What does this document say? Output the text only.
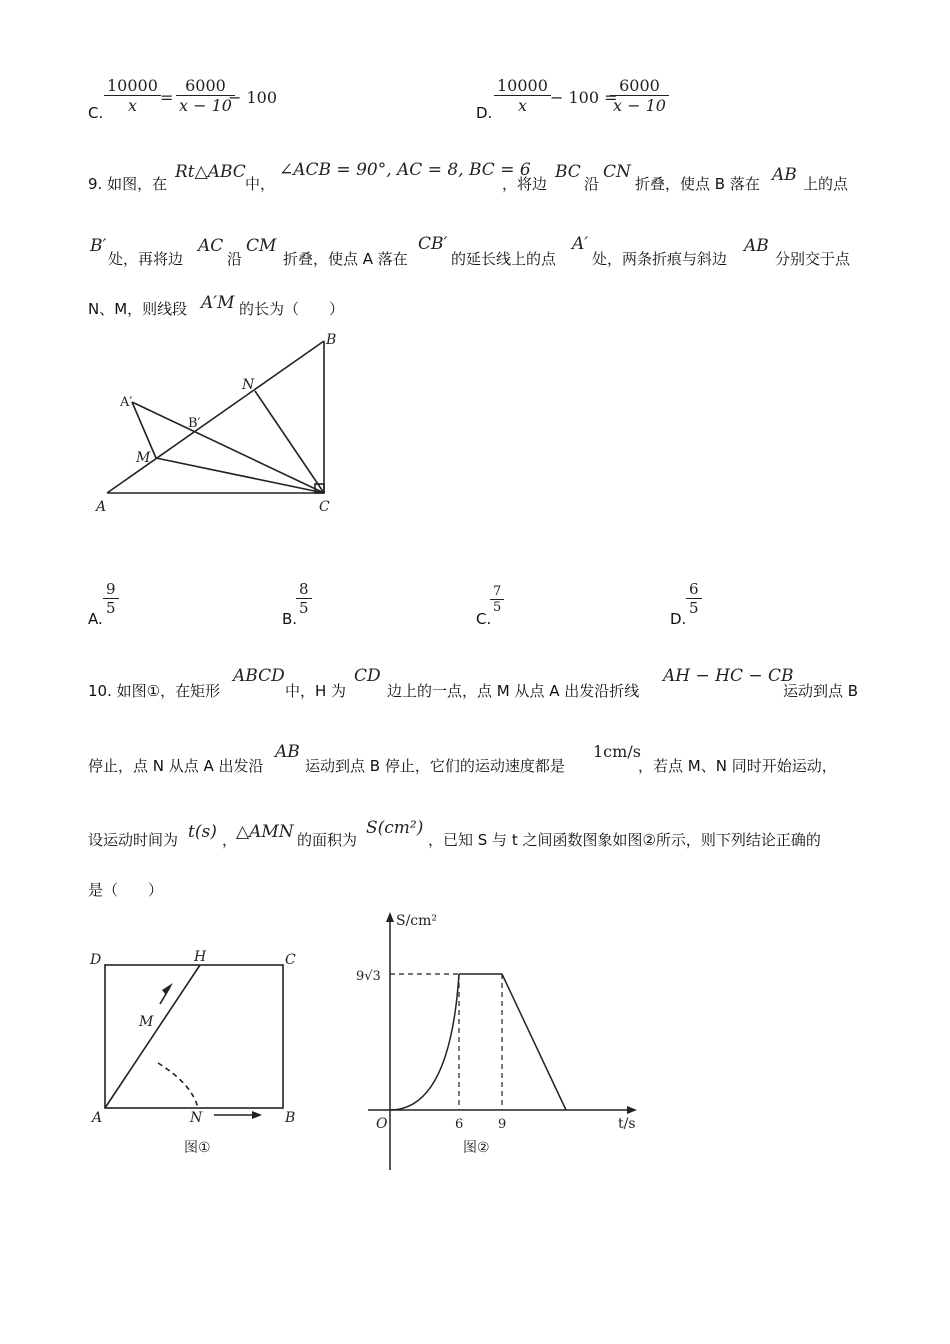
C. $\frac{10000}{x} = \frac{6000}{x - 10}$
− 100
D. $\frac{10000}{x} - 100$ =
$\frac{6000}{x - 10}$
9. 如图，在
Rt△ABC
中，
∠ACB = 90°, AC = 8, BC = 6
，将边
BC
沿
CN
折叠，使点 B 落在 AB 上的点
B′
处，再将边
AC
沿
CM
折叠，使点 A 落在
CB′
的延长线上的点
A′
处，两条折痕与斜边
AB
分别交于点
N、M，则线段 A′M 的长为（　　）
B
N
A′
B′
M
A	C
A.
$\frac{9}{5}$
B.
$\frac{8}{5}$
C.
$\frac{7}{5}$
D.
$\frac{6}{5}$
10. 如图①，在矩形
ABCD
中，H 为
CD
边上的一点，点 M 从点 A 出发沿折线
AH − HC − CB
运动到点 B
停止，点 N 从点 A 出发沿
AB
运动到点 B 停止，它们的运动速度都是
1cm/s
，若点 M、N 同时开始运动，
设运动时间为 t(s) ，
△AMN 的面积为
S(cm²)
，已知 S 与 t 之间函数图象如图②所示，则下列结论正确的
是（　　）
D	H	C
M
A	N	B
图①
S/cm²
t/s
O
9√3
6	9
图②
